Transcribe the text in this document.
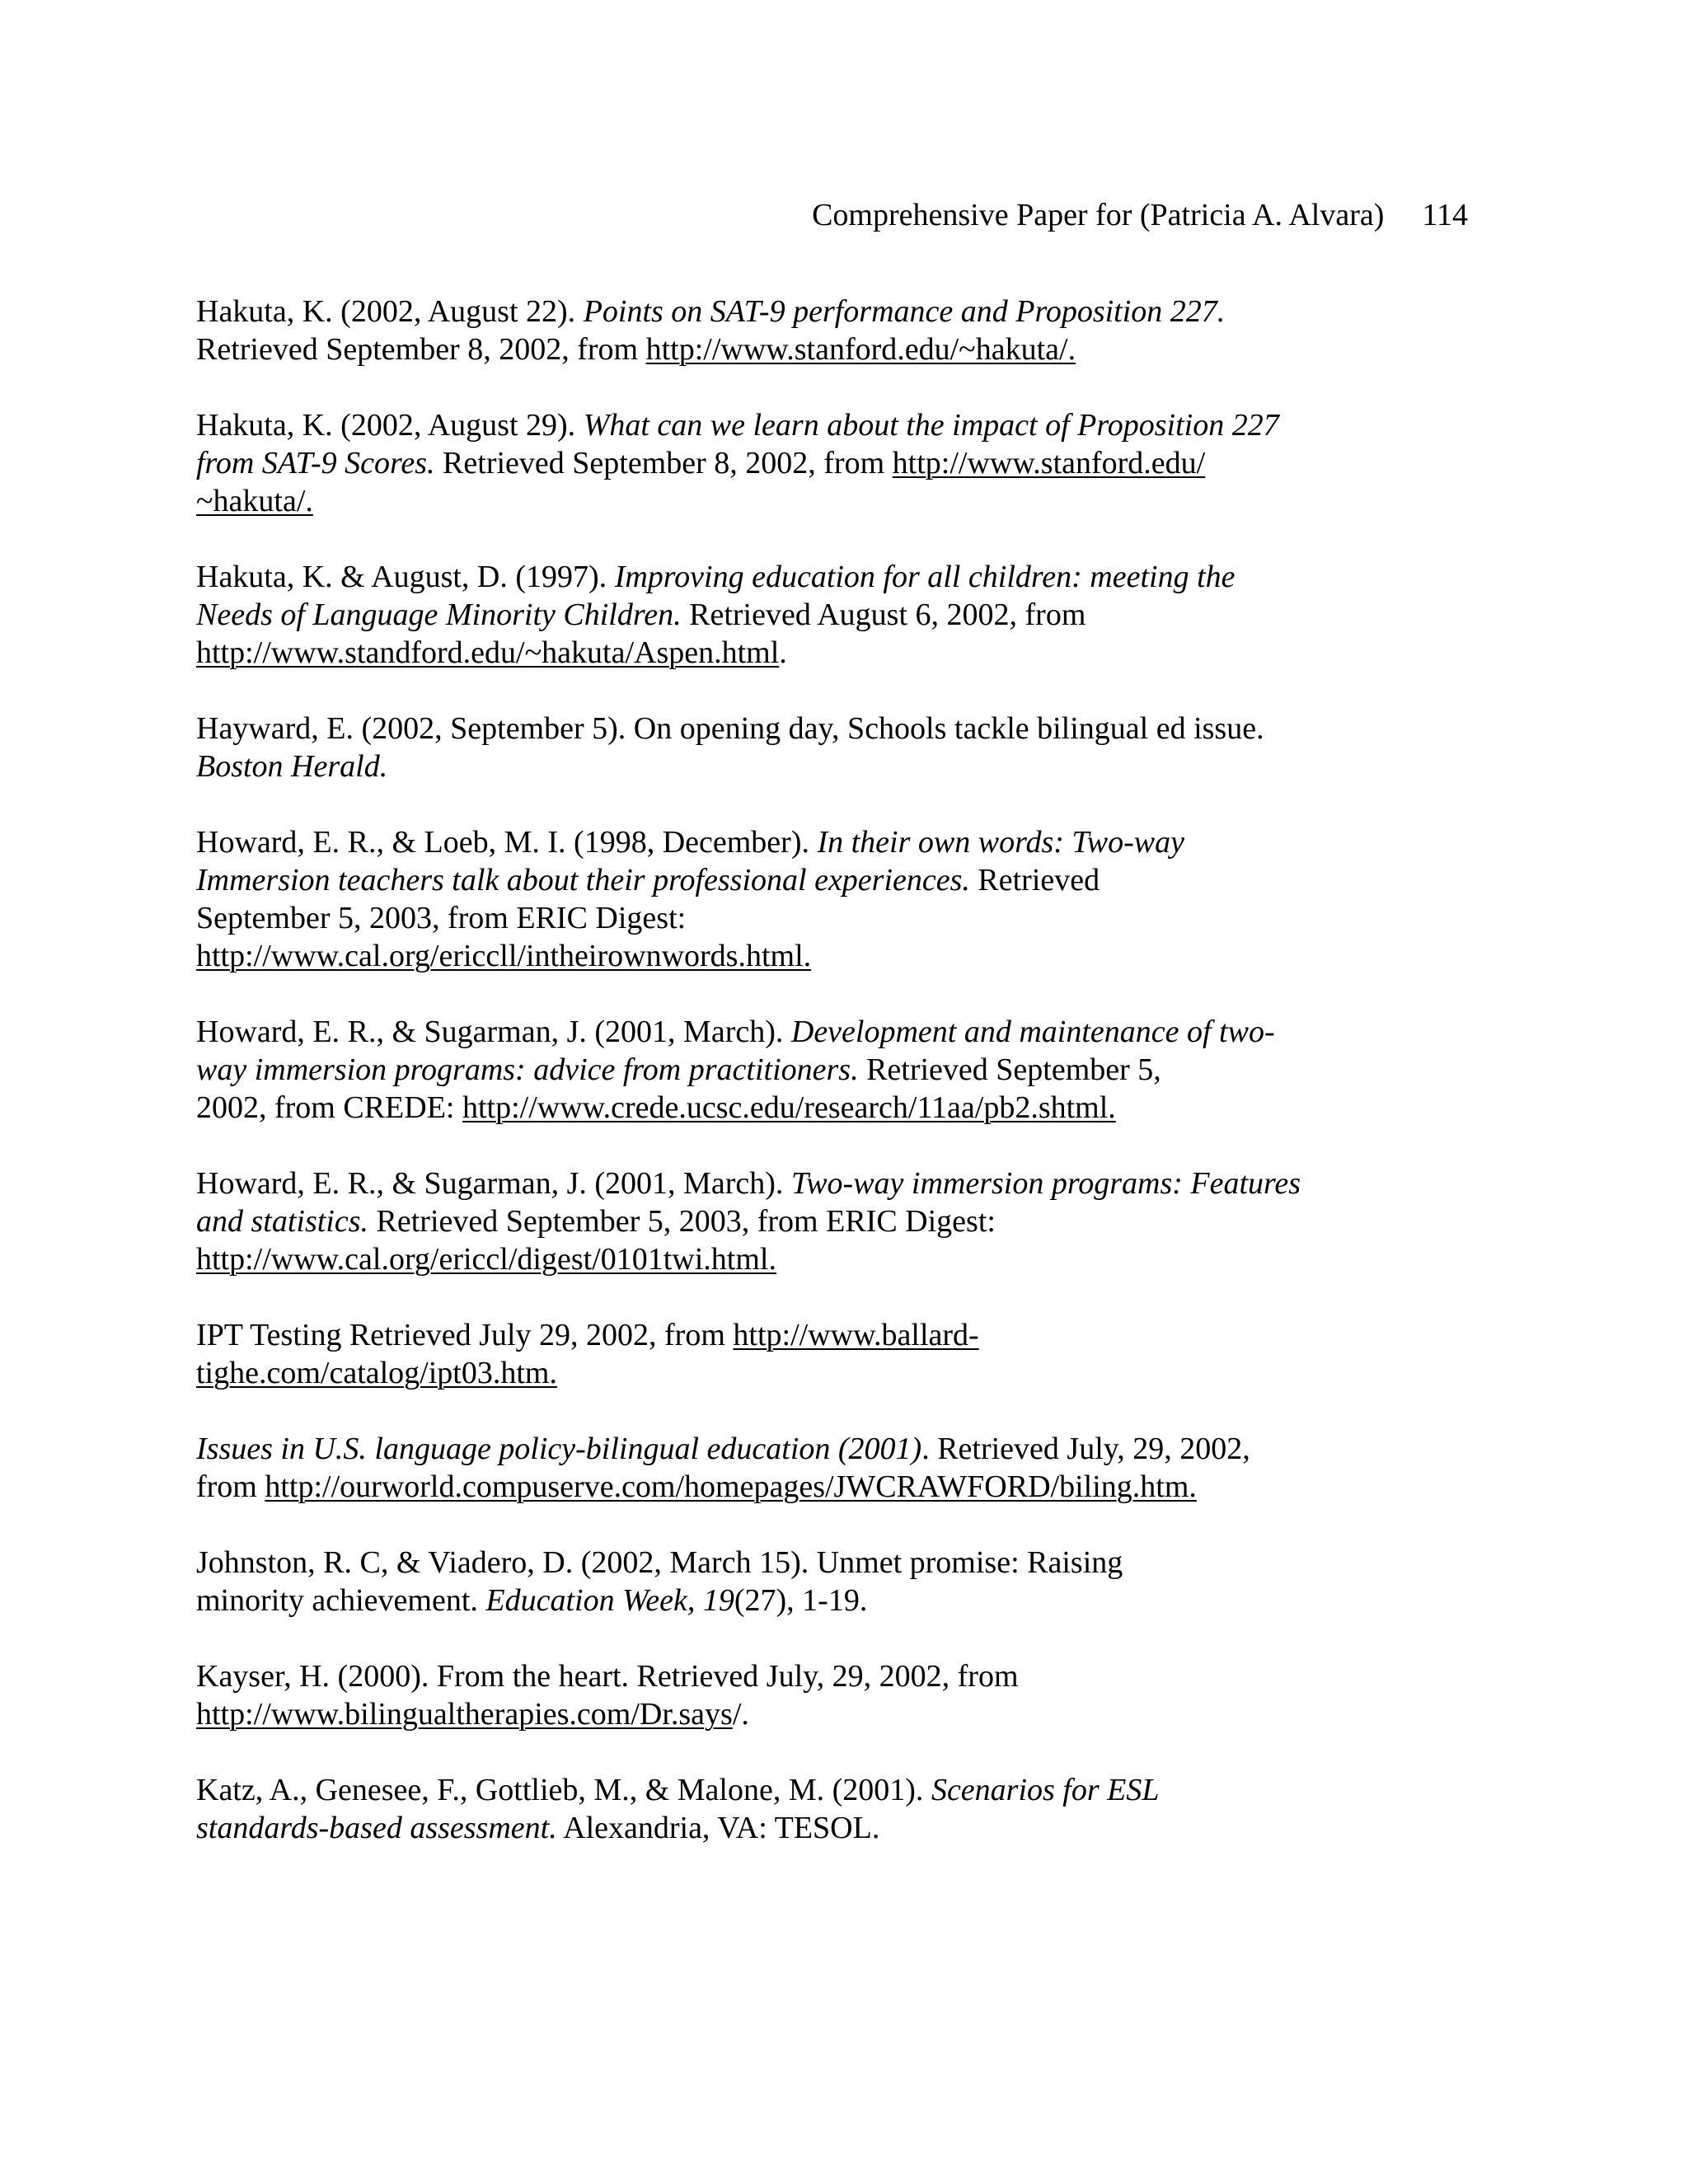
Comprehensive Paper for (Patricia A. Alvara) 114

Hakuta, K. (2002, August 22). Points on SAT-9 performance and Proposition 227.
Retrieved September 8, 2002, from http://www.stanford.edu/~hakuta/.

Hakuta, K. (2002, August 29). What can we learn about the impact of Proposition 227
from SAT-9 Scores. Retrieved September 8, 2002, from http://www.stanford.edu/
~hakuta/.

Hakuta, K. & August, D. (1997). Improving education for all children: meeting the
Needs of Language Minority Children. Retrieved August 6, 2002, from
http://www.standford.edu/~hakuta/Aspen.html.

Hayward, E. (2002, September 5). On opening day, Schools tackle bilingual ed issue.
Boston Herald.

Howard, E. R., & Loeb, M. I. (1998, December). In their own words: Two-way
Immersion teachers talk about their professional experiences. Retrieved
September 5, 2003, from ERIC Digest:
http://www.cal.org/ericcll/intheirownwords.html.

Howard, E. R., & Sugarman, J. (2001, March). Development and maintenance of two-
way immersion programs: advice from practitioners. Retrieved September 5,
2002, from CREDE: http://www.crede.ucsc.edu/research/11aa/pb2.shtml.

Howard, E. R., & Sugarman, J. (2001, March). Two-way immersion programs: Features
and statistics. Retrieved September 5, 2003, from ERIC Digest:
http://www.cal.org/ericcl/digest/0101twi.html.

IPT Testing Retrieved July 29, 2002, from http://www.ballard-
tighe.com/catalog/ipt03.htm.

Issues in U.S. language policy-bilingual education (2001). Retrieved July, 29, 2002,
from http://ourworld.compuserve.com/homepages/JWCRAWFORD/biling.htm.

Johnston, R. C, & Viadero, D. (2002, March 15). Unmet promise: Raising
minority achievement. Education Week, 19(27), 1-19.

Kayser, H. (2000). From the heart. Retrieved July, 29, 2002, from
http://www.bilingualtherapies.com/Dr.says/.

Katz, A., Genesee, F., Gottlieb, M., & Malone, M. (2001). Scenarios for ESL
standards-based assessment. Alexandria, VA: TESOL.
